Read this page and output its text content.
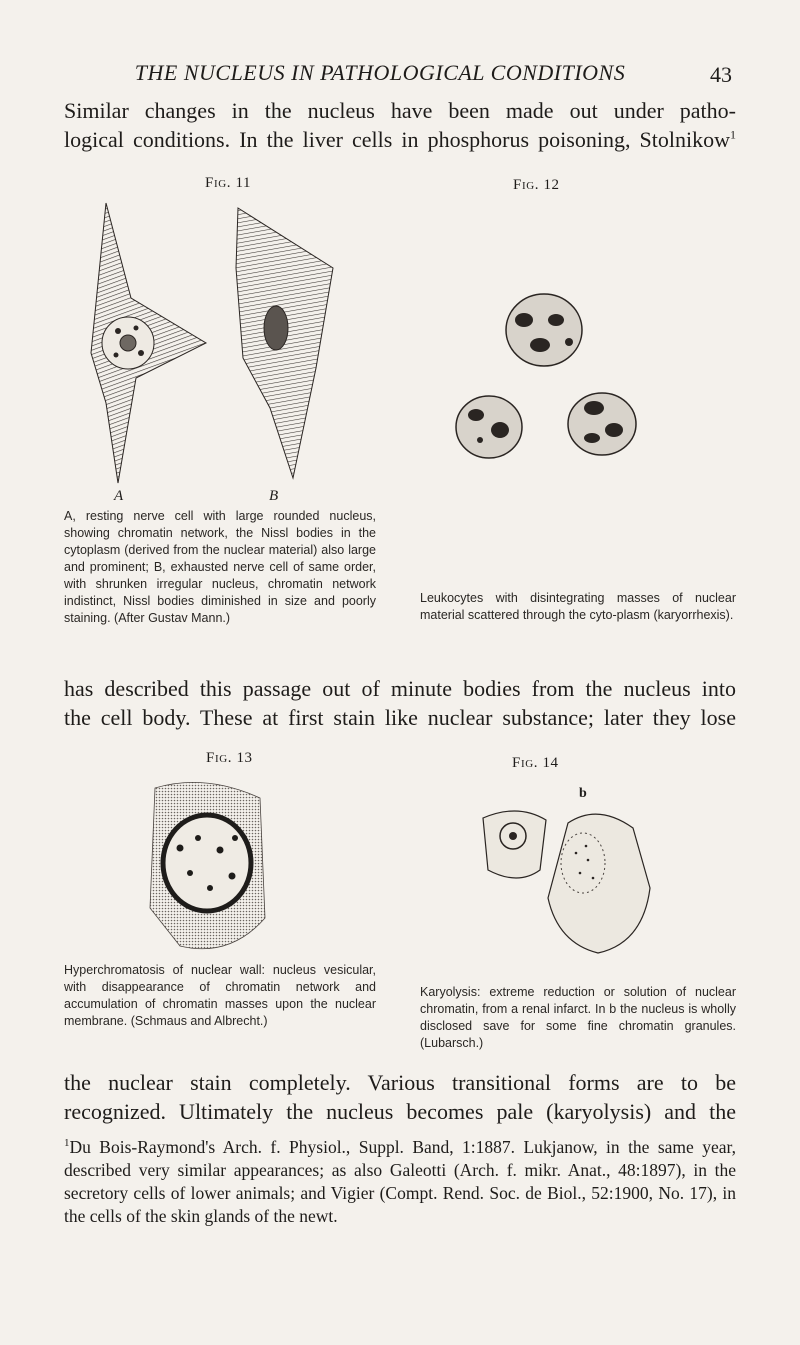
THE NUCLEUS IN PATHOLOGICAL CONDITIONS	43

Similar changes in the nucleus have been made out under patho-
logical conditions. In the liver cells in phosphorus poisoning, Stolnikow$^1$

Fig. 11
A	B

A, resting nerve cell with large rounded nucleus, showing chromatin network, the Nissl bodies in the cytoplasm (derived from the nuclear material) also large and prominent; B, exhausted nerve cell of same order, with shrunken irregular nucleus, chromatin network indistinct, Nissl bodies diminished in size and poorly staining. (After Gustav Mann.)

Fig. 12

Leukocytes with disintegrating masses of nuclear material scattered through the cyto-plasm (karyorrhexis).

has described this passage out of minute bodies from the nucleus into
the cell body. These at first stain like nuclear substance; later they lose

Fig. 13

Hyperchromatosis of nuclear wall: nucleus vesicular, with disappearance of chromatin network and accumulation of chromatin masses upon the nuclear membrane. (Schmaus and Albrecht.)

Fig. 14
b

Karyolysis: extreme reduction or solution of nuclear chromatin, from a renal infarct. In b the nucleus is wholly disclosed save for some fine chromatin granules. (Lubarsch.)

the nuclear stain completely. Various transitional forms are to be
recognized. Ultimately the nucleus becomes pale (karyolysis) and the

$^1$Du Bois-Raymond's Arch. f. Physiol., Suppl. Band, 1:1887. Lukjanow, in the same year, described very similar appearances; as also Galeotti (Arch. f. mikr. Anat., 48:1897), in the secretory cells of lower animals; and Vigier (Compt. Rend. Soc. de Biol., 52:1900, No. 17), in the cells of the skin glands of the newt.
